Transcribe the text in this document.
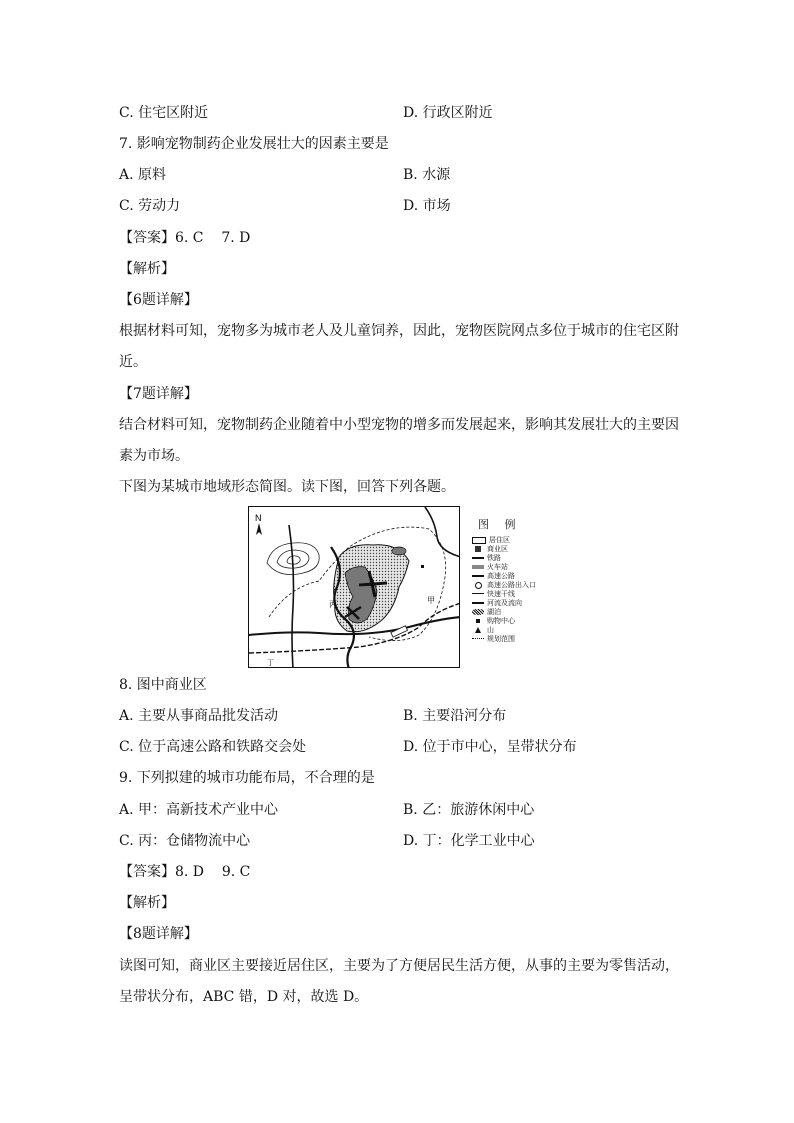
C. 住宅区附近	D. 行政区附近
7. 影响宠物制药企业发展壮大的因素主要是
A. 原料	B. 水源
C. 劳动力	D. 市场
【答案】6. C    7. D
【解析】
【6题详解】
根据材料可知，宠物多为城市老人及儿童饲养，因此，宠物医院网点多位于城市的住宅区附
近。
【7题详解】
结合材料可知，宠物制药企业随着中小型宠物的增多而发展起来，影响其发展壮大的主要因
素为市场。
下图为某城市地域形态简图。读下图，回答下列各题。
N
丙	甲
丁
图 例
居住区
商业区
铁路
火车站
高速公路
高速公路出入口
快速干线
河流及流向
湖泊
购物中心
山
规划范围
8. 图中商业区
A. 主要从事商品批发活动	B. 主要沿河分布
C. 位于高速公路和铁路交会处	D. 位于市中心，呈带状分布
9. 下列拟建的城市功能布局，不合理的是
A. 甲：高新技术产业中心	B. 乙：旅游休闲中心
C. 丙：仓储物流中心	D. 丁：化学工业中心
【答案】8. D    9. C
【解析】
【8题详解】
读图可知，商业区主要接近居住区，主要为了方便居民生活方便，从事的主要为零售活动，
呈带状分布，ABC 错，D 对，故选 D。
